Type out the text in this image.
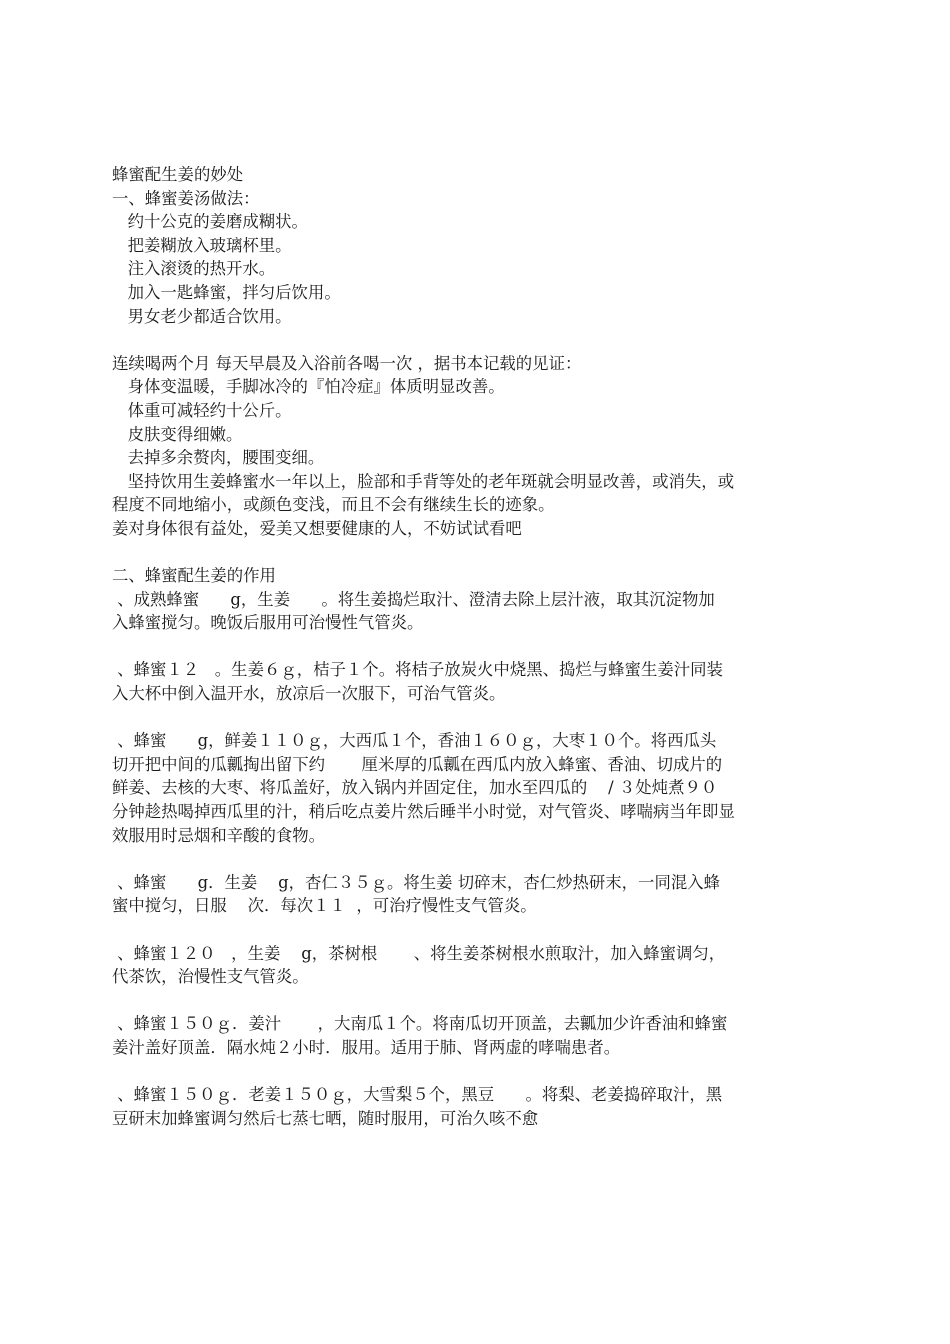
蜂蜜配生姜的妙处
一、蜂蜜姜汤做法：
约十公克的姜磨成糊状。
把姜糊放入玻璃杯里。
注入滚烫的热开水。
加入一匙蜂蜜，拌匀后饮用。
男女老少都适合饮用。
连续喝两个月 每天早晨及入浴前各喝一次 ，据书本记载的见证：
身体变温暖，手脚冰冷的『怕冷症』体质明显改善。
体重可减轻约十公斤。
皮肤变得细嫩。
去掉多余赘肉，腰围变细。
坚持饮用生姜蜂蜜水一年以上，脸部和手背等处的老年斑就会明显改善，或消失，或
程度不同地缩小，或颜色变浅，而且不会有继续生长的迹象。
姜对身体很有益处，爱美又想要健康的人，不妨试试看吧
二、蜂蜜配生姜的作用
、成熟蜂蜜      g，生姜      。将生姜捣烂取汁、澄清去除上层汁液，取其沉淀物加
入蜂蜜搅匀。晚饭后服用可治慢性气管炎。
、蜂蜜１２   。生姜６ｇ，桔子１个。将桔子放炭火中烧黑、捣烂与蜂蜜生姜汁同装
入大杯中倒入温开水，放凉后一次服下，可治气管炎。
、蜂蜜      g，鲜姜１１０ｇ，大西瓜１个，香油１６０ｇ，大枣１０个。将西瓜头
切开把中间的瓜瓤掏出留下约       厘米厚的瓜瓤在西瓜内放入蜂蜜、香油、切成片的
鲜姜、去核的大枣、将瓜盖好，放入锅内并固定住，加水至四瓜的    / ３处炖煮９０
分钟趁热喝掉西瓜里的汁，稍后吃点姜片然后睡半小时觉，对气管炎、哮喘病当年即显
效服用时忌烟和辛酸的食物。
、蜂蜜      g．生姜    g，杏仁３５ｇ。将生姜 切碎末，杏仁炒热研末，一同混入蜂
蜜中搅匀，日服    次．每次１１  ，可治疗慢性支气管炎。
、蜂蜜１２０   ，生姜    g，茶树根       、将生姜茶树根水煎取汁，加入蜂蜜调匀，
代茶饮，治慢性支气管炎。
、蜂蜜１５０ｇ．姜汁       ，大南瓜１个。将南瓜切开顶盖，去瓤加少许香油和蜂蜜
姜汁盖好顶盖．隔水炖２小时．服用。适用于肺、肾两虚的哮喘患者。
、蜂蜜１５０ｇ．老姜１５０ｇ，大雪梨５个，黑豆      。将梨、老姜捣碎取汁，黑
豆研末加蜂蜜调匀然后七蒸七晒，随时服用，可治久咳不愈
